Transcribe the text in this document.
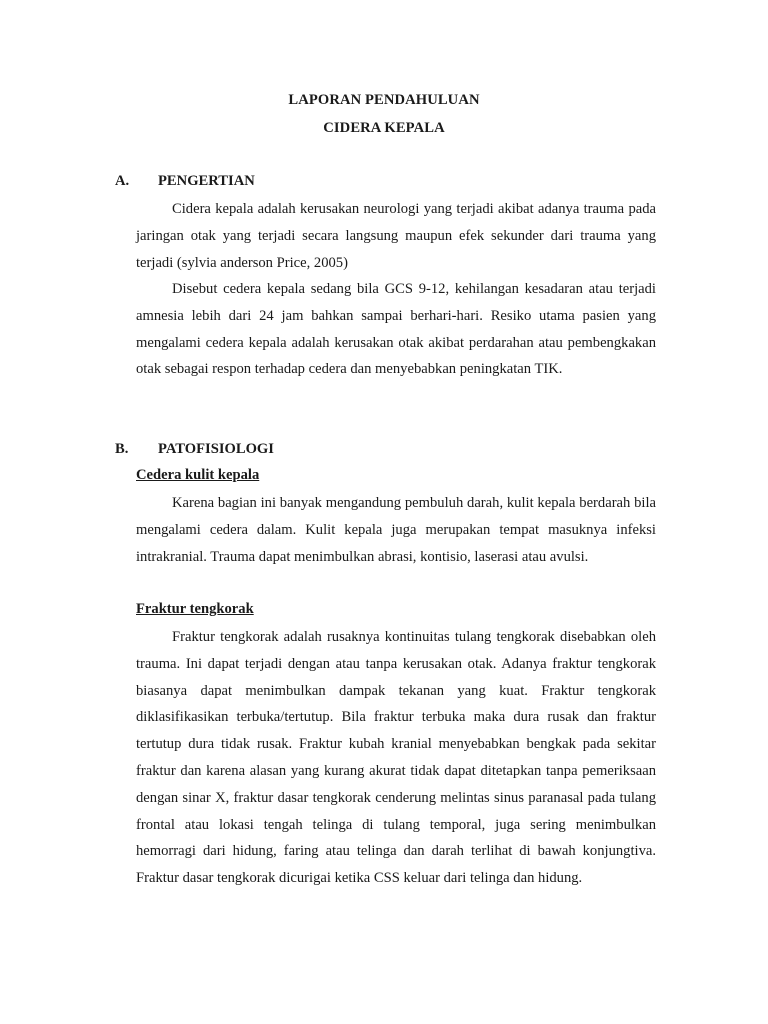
LAPORAN PENDAHULUAN
CIDERA KEPALA
A. PENGERTIAN

Cidera kepala adalah kerusakan neurologi yang terjadi akibat adanya trauma pada jaringan otak yang terjadi secara langsung maupun efek sekunder dari trauma yang terjadi (sylvia anderson Price, 2005)

Disebut cedera kepala sedang bila GCS 9-12, kehilangan kesadaran atau terjadi amnesia lebih dari 24 jam bahkan sampai berhari-hari. Resiko utama pasien yang mengalami cedera kepala adalah kerusakan otak akibat perdarahan atau pembengkakan otak sebagai respon terhadap cedera dan menyebabkan peningkatan TIK.

B. PATOFISIOLOGI
Cedera kulit kepala

Karena bagian ini banyak mengandung pembuluh darah, kulit kepala berdarah bila mengalami cedera dalam. Kulit kepala juga merupakan tempat masuknya infeksi intrakranial. Trauma dapat menimbulkan abrasi, kontisio, laserasi atau avulsi.

Fraktur tengkorak

Fraktur tengkorak adalah rusaknya kontinuitas tulang tengkorak disebabkan oleh trauma. Ini dapat terjadi dengan atau tanpa kerusakan otak. Adanya fraktur tengkorak biasanya dapat menimbulkan dampak tekanan yang kuat. Fraktur tengkorak diklasifikasikan terbuka/tertutup. Bila fraktur terbuka maka dura rusak dan fraktur tertutup dura tidak rusak. Fraktur kubah kranial menyebabkan bengkak pada sekitar fraktur dan karena alasan yang kurang akurat tidak dapat ditetapkan tanpa pemeriksaan dengan sinar X, fraktur dasar tengkorak cenderung melintas sinus paranasal pada tulang frontal atau lokasi tengah telinga di tulang temporal, juga sering menimbulkan hemorragi dari hidung, faring atau telinga dan darah terlihat di bawah konjungtiva. Fraktur dasar tengkorak dicurigai ketika CSS keluar dari telinga dan hidung.
